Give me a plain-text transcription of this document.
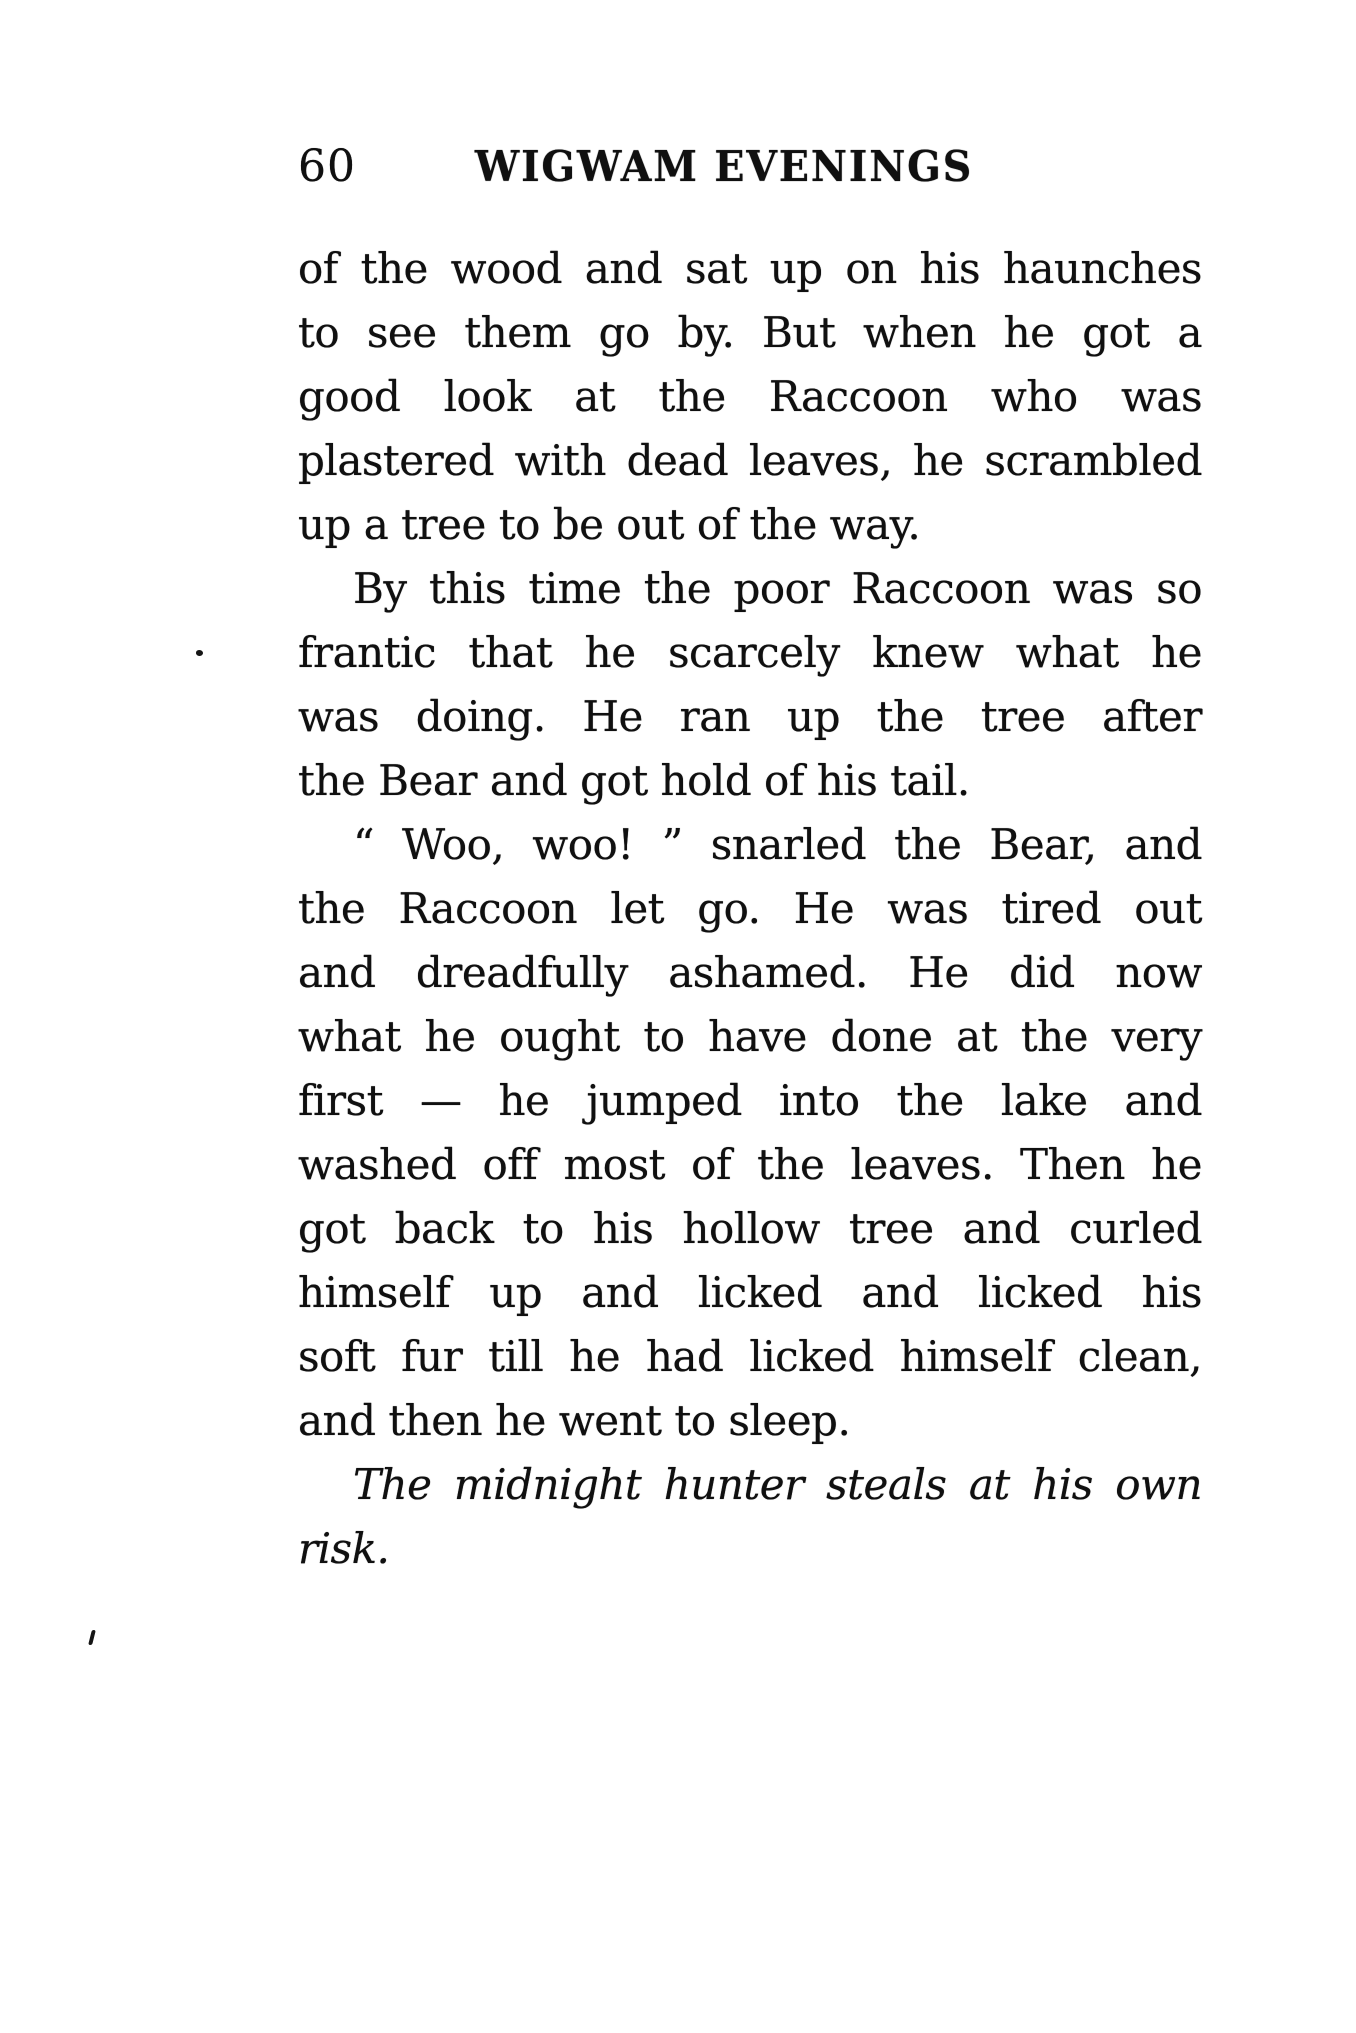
60	WIGWAM EVENINGS
of the wood and sat up on his haunches
to see them go by. But when he got a
good look at the Raccoon who was
plastered with dead leaves, he scrambled
up a tree to be out of the way.
By this time the poor Raccoon was so
frantic that he scarcely knew what he
was doing. He ran up the tree after
the Bear and got hold of his tail.
“ Woo, woo! ” snarled the Bear, and
the Raccoon let go. He was tired out
and dreadfully ashamed. He did now
what he ought to have done at the very
first — he jumped into the lake and
washed off most of the leaves. Then he
got back to his hollow tree and curled
himself up and licked and licked his
soft fur till he had licked himself clean,
and then he went to sleep.
The midnight hunter steals at his own
risk.
